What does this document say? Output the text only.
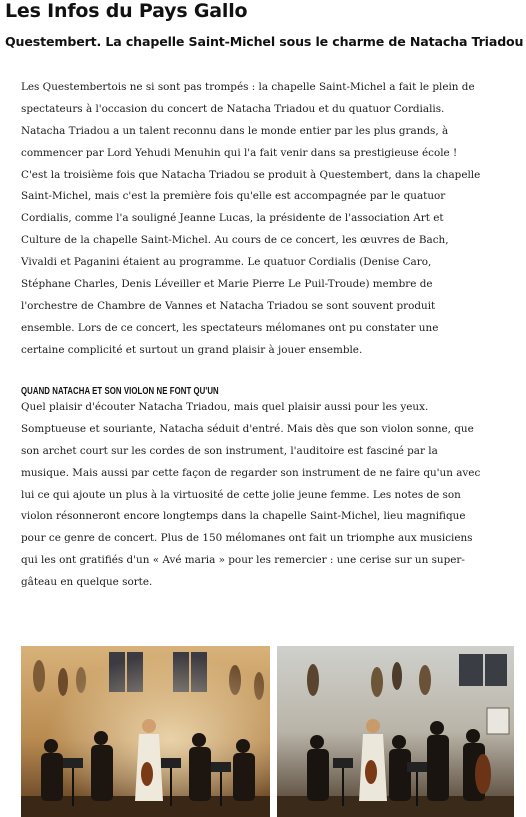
Les Infos du Pays Gallo
Questembert. La chapelle Saint-Michel sous le charme de Natacha Triadou
Les Questembertois ne si sont pas trompés : la chapelle Saint-Michel a fait le plein de
spectateurs à l'occasion du concert de Natacha Triadou et du quatuor Cordialis.
Natacha Triadou a un talent reconnu dans le monde entier par les plus grands, à
commencer par Lord Yehudi Menuhin qui l'a fait venir dans sa prestigieuse école !
C'est la troisième fois que Natacha Triadou se produit à Questembert, dans la chapelle
Saint-Michel, mais c'est la première fois qu'elle est accompagnée par le quatuor
Cordialis, comme l'a souligné Jeanne Lucas, la présidente de l'association Art et
Culture de la chapelle Saint-Michel. Au cours de ce concert, les œuvres de Bach,
Vivaldi et Paganini étaient au programme. Le quatuor Cordialis (Denise Caro,
Stéphane Charles, Denis Léveiller et Marie Pierre Le Puil-Troude) membre de
l'orchestre de Chambre de Vannes et Natacha Triadou se sont souvent produit
ensemble. Lors de ce concert, les spectateurs mélomanes ont pu constater une
certaine complicité et surtout un grand plaisir à jouer ensemble.
QUAND NATACHA ET SON VIOLON NE FONT QU'UN
Quel plaisir d'écouter Natacha Triadou, mais quel plaisir aussi pour les yeux.
Somptueuse et souriante, Natacha séduit d'entré. Mais dès que son violon sonne, que
son archet court sur les cordes de son instrument, l'auditoire est fasciné par la
musique. Mais aussi par cette façon de regarder son instrument de ne faire qu'un avec
lui ce qui ajoute un plus à la virtuosité de cette jolie jeune femme. Les notes de son
violon résonneront encore longtemps dans la chapelle Saint-Michel, lieu magnifique
pour ce genre de concert. Plus de 150 mélomanes ont fait un triomphe aux musiciens
qui les ont gratifiés d'un « Avé maria » pour les remercier : une cerise sur un super-
gâteau en quelque sorte.
